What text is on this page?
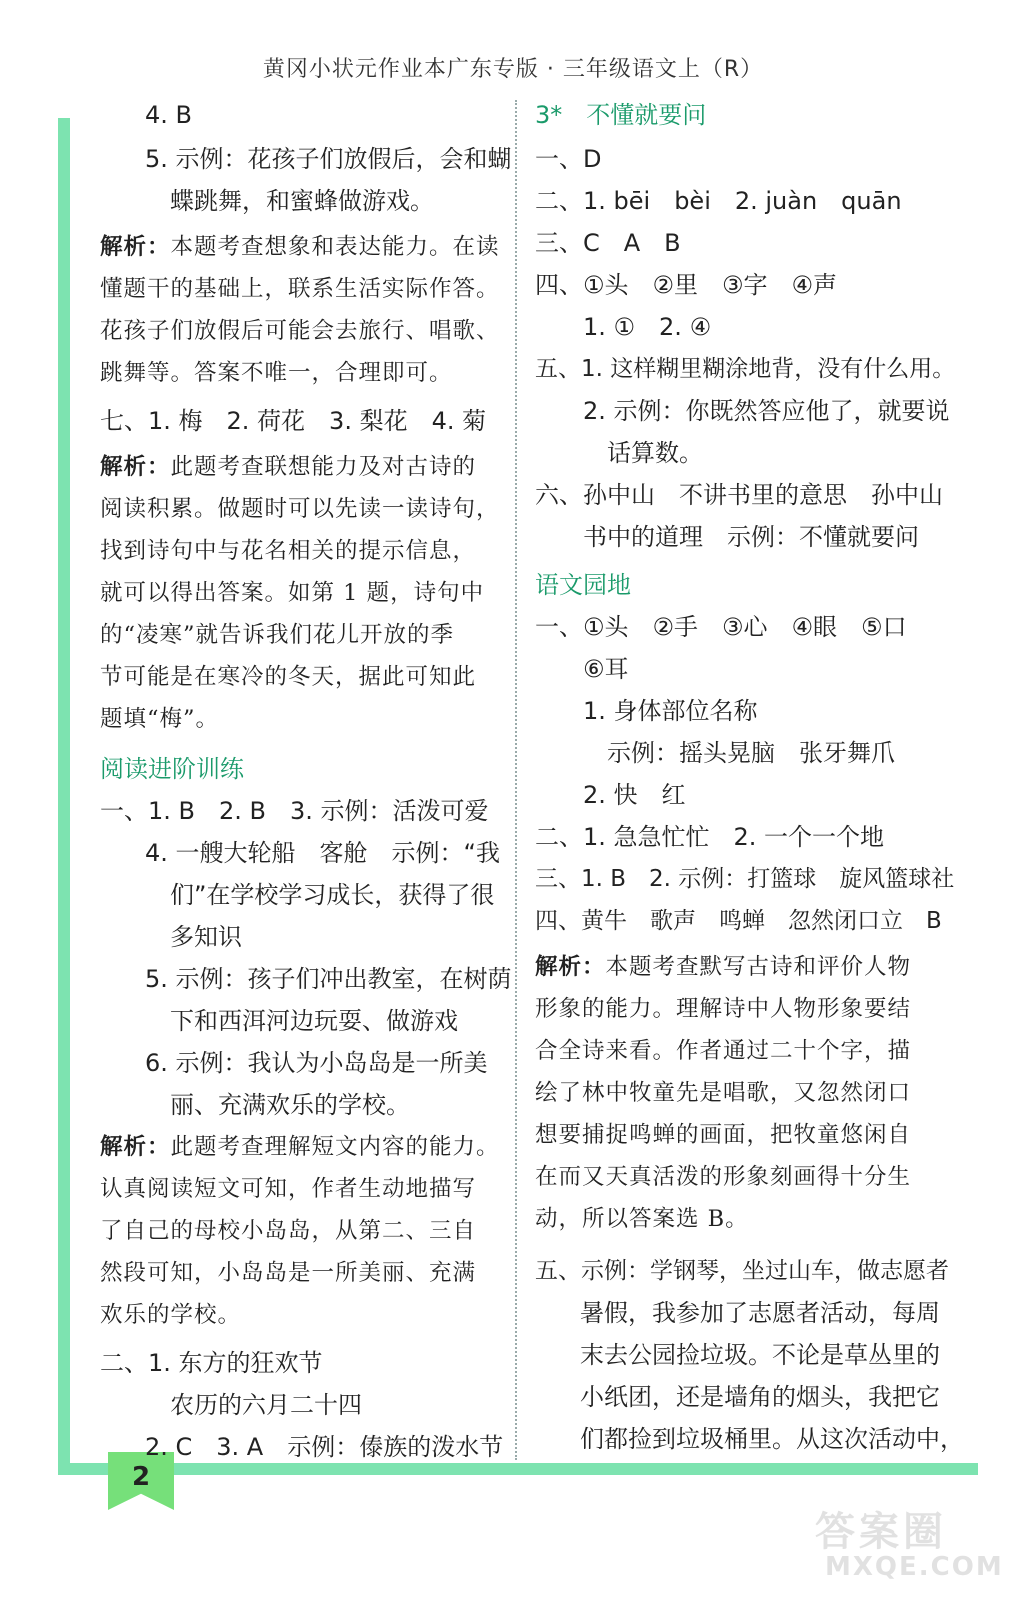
黄冈小状元作业本广东专版 · 三年级语文上（R）
2
4. B
5. 示例：花孩子们放假后，会和蝴
蝶跳舞，和蜜蜂做游戏。
解析：本题考查想象和表达能力。在读
懂题干的基础上，联系生活实际作答。
花孩子们放假后可能会去旅行、唱歌、
跳舞等。答案不唯一，合理即可。
七、1. 梅　2. 荷花　3. 梨花　4. 菊
解析：此题考查联想能力及对古诗的
阅读积累。做题时可以先读一读诗句，
找到诗句中与花名相关的提示信息，
就可以得出答案。如第 1 题，诗句中
的“凌寒”就告诉我们花儿开放的季
节可能是在寒冷的冬天，据此可知此
题填“梅”。
阅读进阶训练
一、1. B　2. B　3. 示例：活泼可爱
4. 一艘大轮船　客舱　示例：“我
们”在学校学习成长，获得了很
多知识
5. 示例：孩子们冲出教室，在树荫
下和西洱河边玩耍、做游戏
6. 示例：我认为小岛岛是一所美
丽、充满欢乐的学校。
解析：此题考查理解短文内容的能力。
认真阅读短文可知，作者生动地描写
了自己的母校小岛岛，从第二、三自
然段可知，小岛岛是一所美丽、充满
欢乐的学校。
二、1. 东方的狂欢节
农历的六月二十四
2. C　3. A　示例：傣族的泼水节
3*　不懂就要问
一、D
二、1. bēi　bèi　2. juàn　quān
三、C　A　B
四、①头　②里　③字　④声
1. ①　2. ④
五、1. 这样糊里糊涂地背，没有什么用。
2. 示例：你既然答应他了，就要说
话算数。
六、孙中山　不讲书里的意思　孙中山
书中的道理　示例：不懂就要问
语文园地
一、①头　②手　③心　④眼　⑤口
⑥耳
1. 身体部位名称
示例：摇头晃脑　张牙舞爪
2. 快　红
二、1. 急急忙忙　2. 一个一个地
三、1. B　2. 示例：打篮球　旋风篮球社
四、黄牛　歌声　鸣蝉　忽然闭口立　B
解析：本题考查默写古诗和评价人物
形象的能力。理解诗中人物形象要结
合全诗来看。作者通过二十个字，描
绘了林中牧童先是唱歌，又忽然闭口
想要捕捉鸣蝉的画面，把牧童悠闲自
在而又天真活泼的形象刻画得十分生
动，所以答案选 B。
五、示例：学钢琴，坐过山车，做志愿者
暑假，我参加了志愿者活动，每周
末去公园捡垃圾。不论是草丛里的
小纸团，还是墙角的烟头，我把它
们都捡到垃圾桶里。从这次活动中，
答案圈
MXQE.COM
